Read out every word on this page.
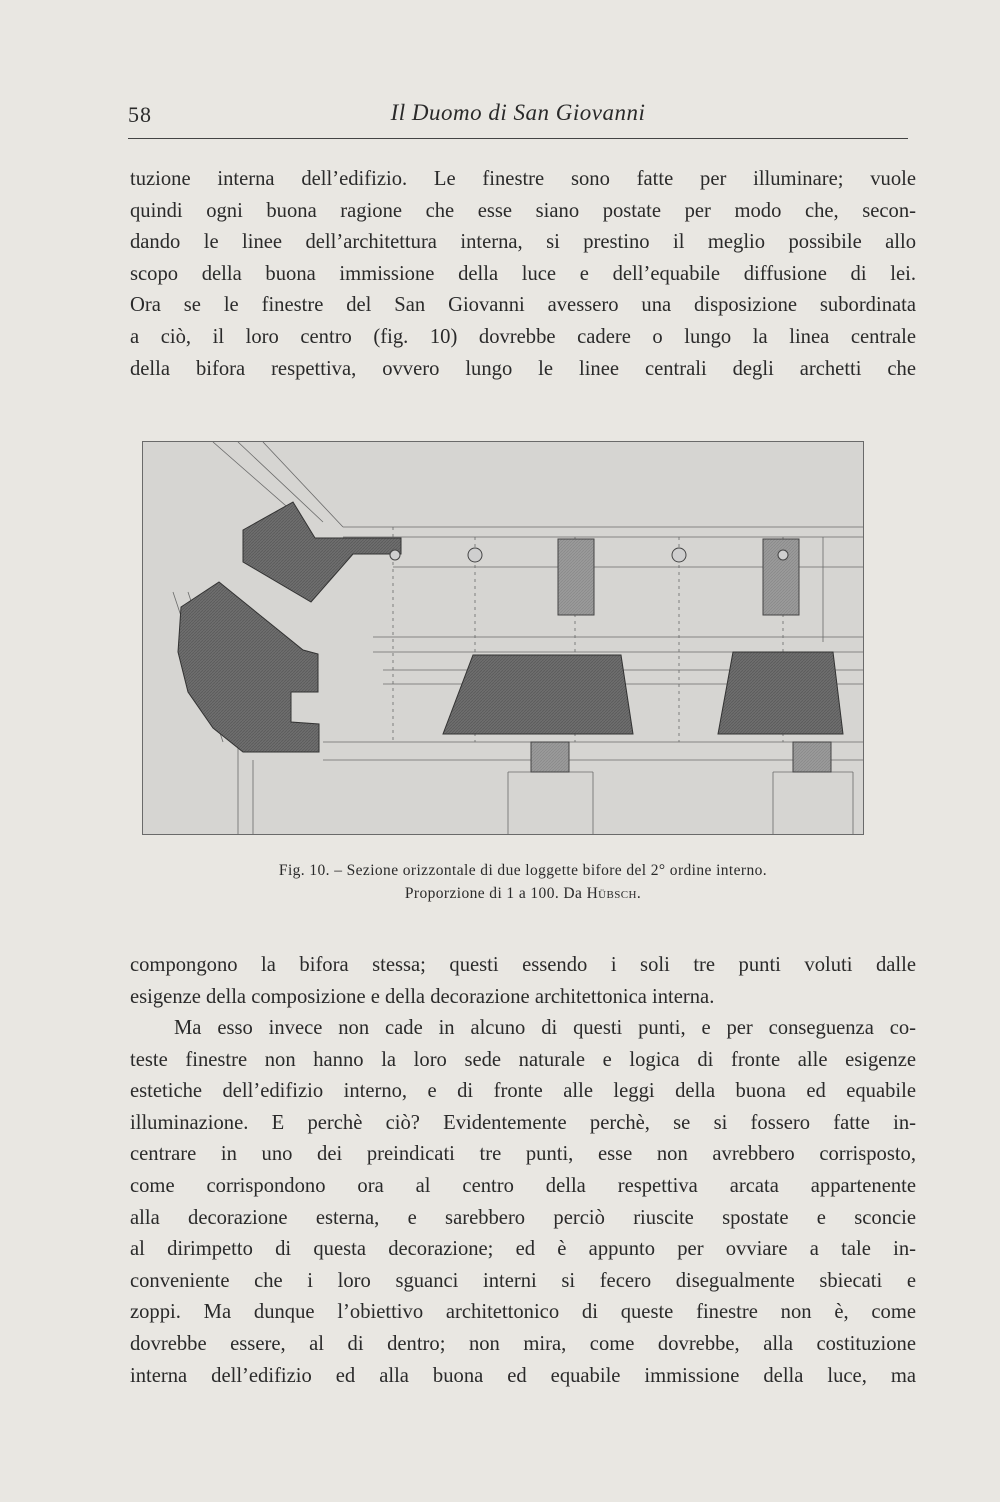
58	Il Duomo di San Giovanni
tuzione interna dell’edifizio. Le finestre sono fatte per illuminare; vuole
quindi ogni buona ragione che esse siano postate per modo che, secon-
dando le linee dell’architettura interna, si prestino il meglio possibile allo
scopo della buona immissione della luce e dell’equabile diffusione di lei.
Ora se le finestre del San Giovanni avessero una disposizione subordinata
a ciò, il loro centro (fig. 10) dovrebbe cadere o lungo la linea centrale
della bifora respettiva, ovvero lungo le linee centrali degli archetti che
Fig. 10. – Sezione orizzontale di due loggette bifore del 2° ordine interno.
Proporzione di 1 a 100. Da Hübsch.
compongono la bifora stessa; questi essendo i soli tre punti voluti dalle
esigenze della composizione e della decorazione architettonica interna.
Ma esso invece non cade in alcuno di questi punti, e per conseguenza co-
teste finestre non hanno la loro sede naturale e logica di fronte alle esigenze
estetiche dell’edifizio interno, e di fronte alle leggi della buona ed equabile
illuminazione. E perchè ciò? Evidentemente perchè, se si fossero fatte in-
centrare in uno dei preindicati tre punti, esse non avrebbero corrisposto,
come corrispondono ora al centro della respettiva arcata appartenente
alla decorazione esterna, e sarebbero perciò riuscite spostate e sconcie
al dirimpetto di questa decorazione; ed è appunto per ovviare a tale in-
conveniente che i loro sguanci interni si fecero disegualmente sbiecati e
zoppi. Ma dunque l’obiettivo architettonico di queste finestre non è, come
dovrebbe essere, al di dentro; non mira, come dovrebbe, alla costituzione
interna dell’edifizio ed alla buona ed equabile immissione della luce, ma
